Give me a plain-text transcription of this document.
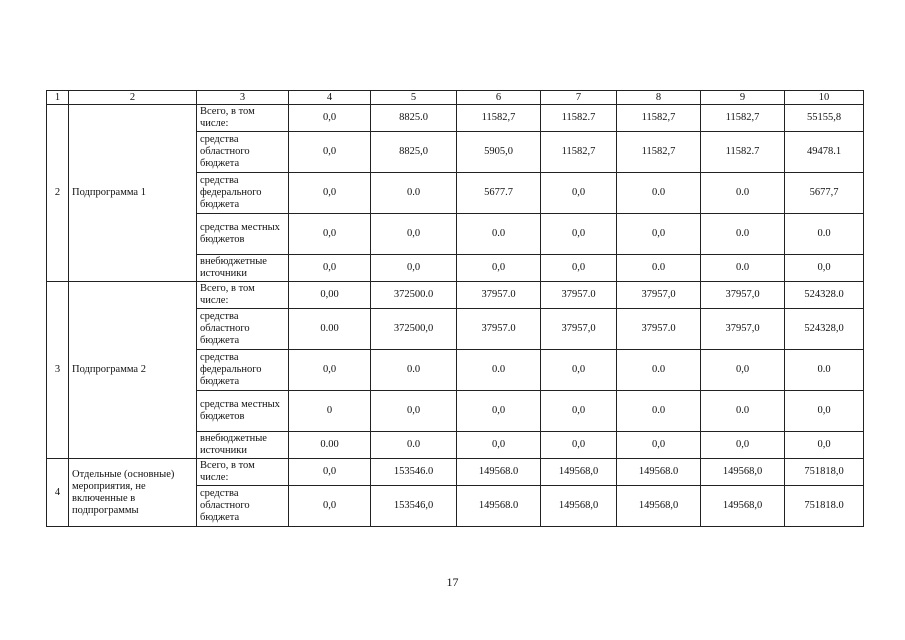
1	2	3	4	5	6	7	8	9	10
2	Подпрограмма 1	Всего, в том числе:	0,0	8825.0	11582,7	11582.7	11582,7	11582,7	55155,8
		средства областного бюджета	0,0	8825,0	5905,0	11582,7	11582,7	11582.7	49478.1
		средства федерального бюджета	0,0	0.0	5677.7	0,0	0.0	0.0	5677,7
		средства местных бюджетов	0,0	0,0	0.0	0,0	0,0	0.0	0.0
		внебюджетные источники	0,0	0,0	0,0	0,0	0.0	0.0	0,0
3	Подпрограмма 2	Всего, в том числе:	0,00	372500.0	37957.0	37957.0	37957,0	37957,0	524328.0
		средства областного бюджета	0.00	372500,0	37957.0	37957,0	37957.0	37957,0	524328,0
		средства федерального бюджета	0,0	0.0	0.0	0,0	0.0	0,0	0.0
		средства местных бюджетов	0	0,0	0,0	0,0	0.0	0.0	0,0
		внебюджетные источники	0.00	0.0	0,0	0,0	0,0	0,0	0,0
4	Отдельные (основные) мероприятия, не включенные в подпрограммы	Всего, в том числе:	0,0	153546.0	149568.0	149568,0	149568.0	149568,0	751818,0
		средства областного бюджета	0,0	153546,0	149568.0	149568,0	149568,0	149568,0	751818.0
17
